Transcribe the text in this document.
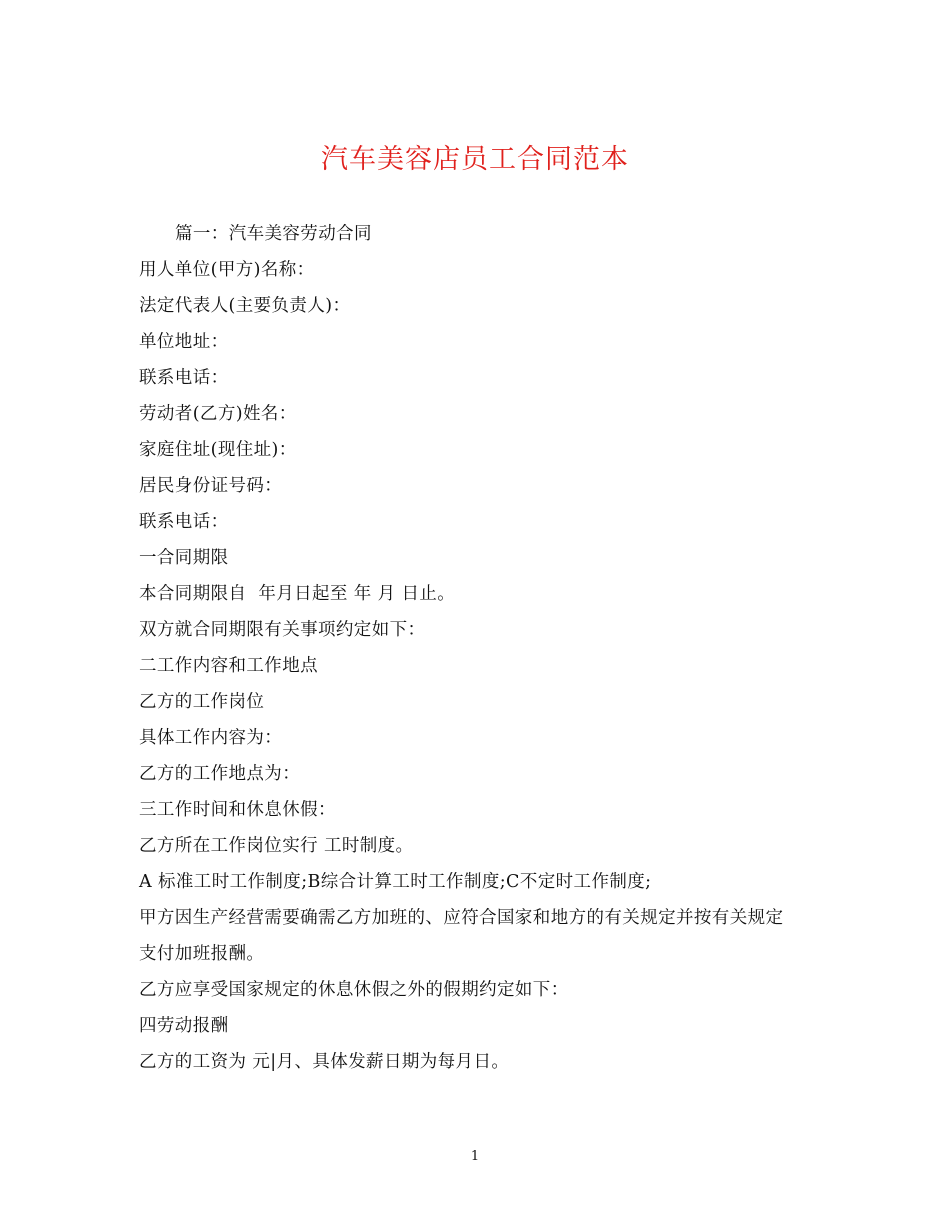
汽车美容店员工合同范本
篇一：汽车美容劳动合同
用人单位(甲方)名称：
法定代表人(主要负责人)：
单位地址：
联系电话：
劳动者(乙方)姓名：
家庭住址(现住址)：
居民身份证号码：
联系电话：
一合同期限
本合同期限自  年月日起至 年 月 日止。
双方就合同期限有关事项约定如下：
二工作内容和工作地点
乙方的工作岗位
具体工作内容为：
乙方的工作地点为：
三工作时间和休息休假：
乙方所在工作岗位实行 工时制度。
A 标准工时工作制度;B综合计算工时工作制度;C不定时工作制度;
甲方因生产经营需要确需乙方加班的、应符合国家和地方的有关规定并按有关规定
支付加班报酬。
乙方应享受国家规定的休息休假之外的假期约定如下：
四劳动报酬
乙方的工资为 元|月、具体发薪日期为每月日。
1
